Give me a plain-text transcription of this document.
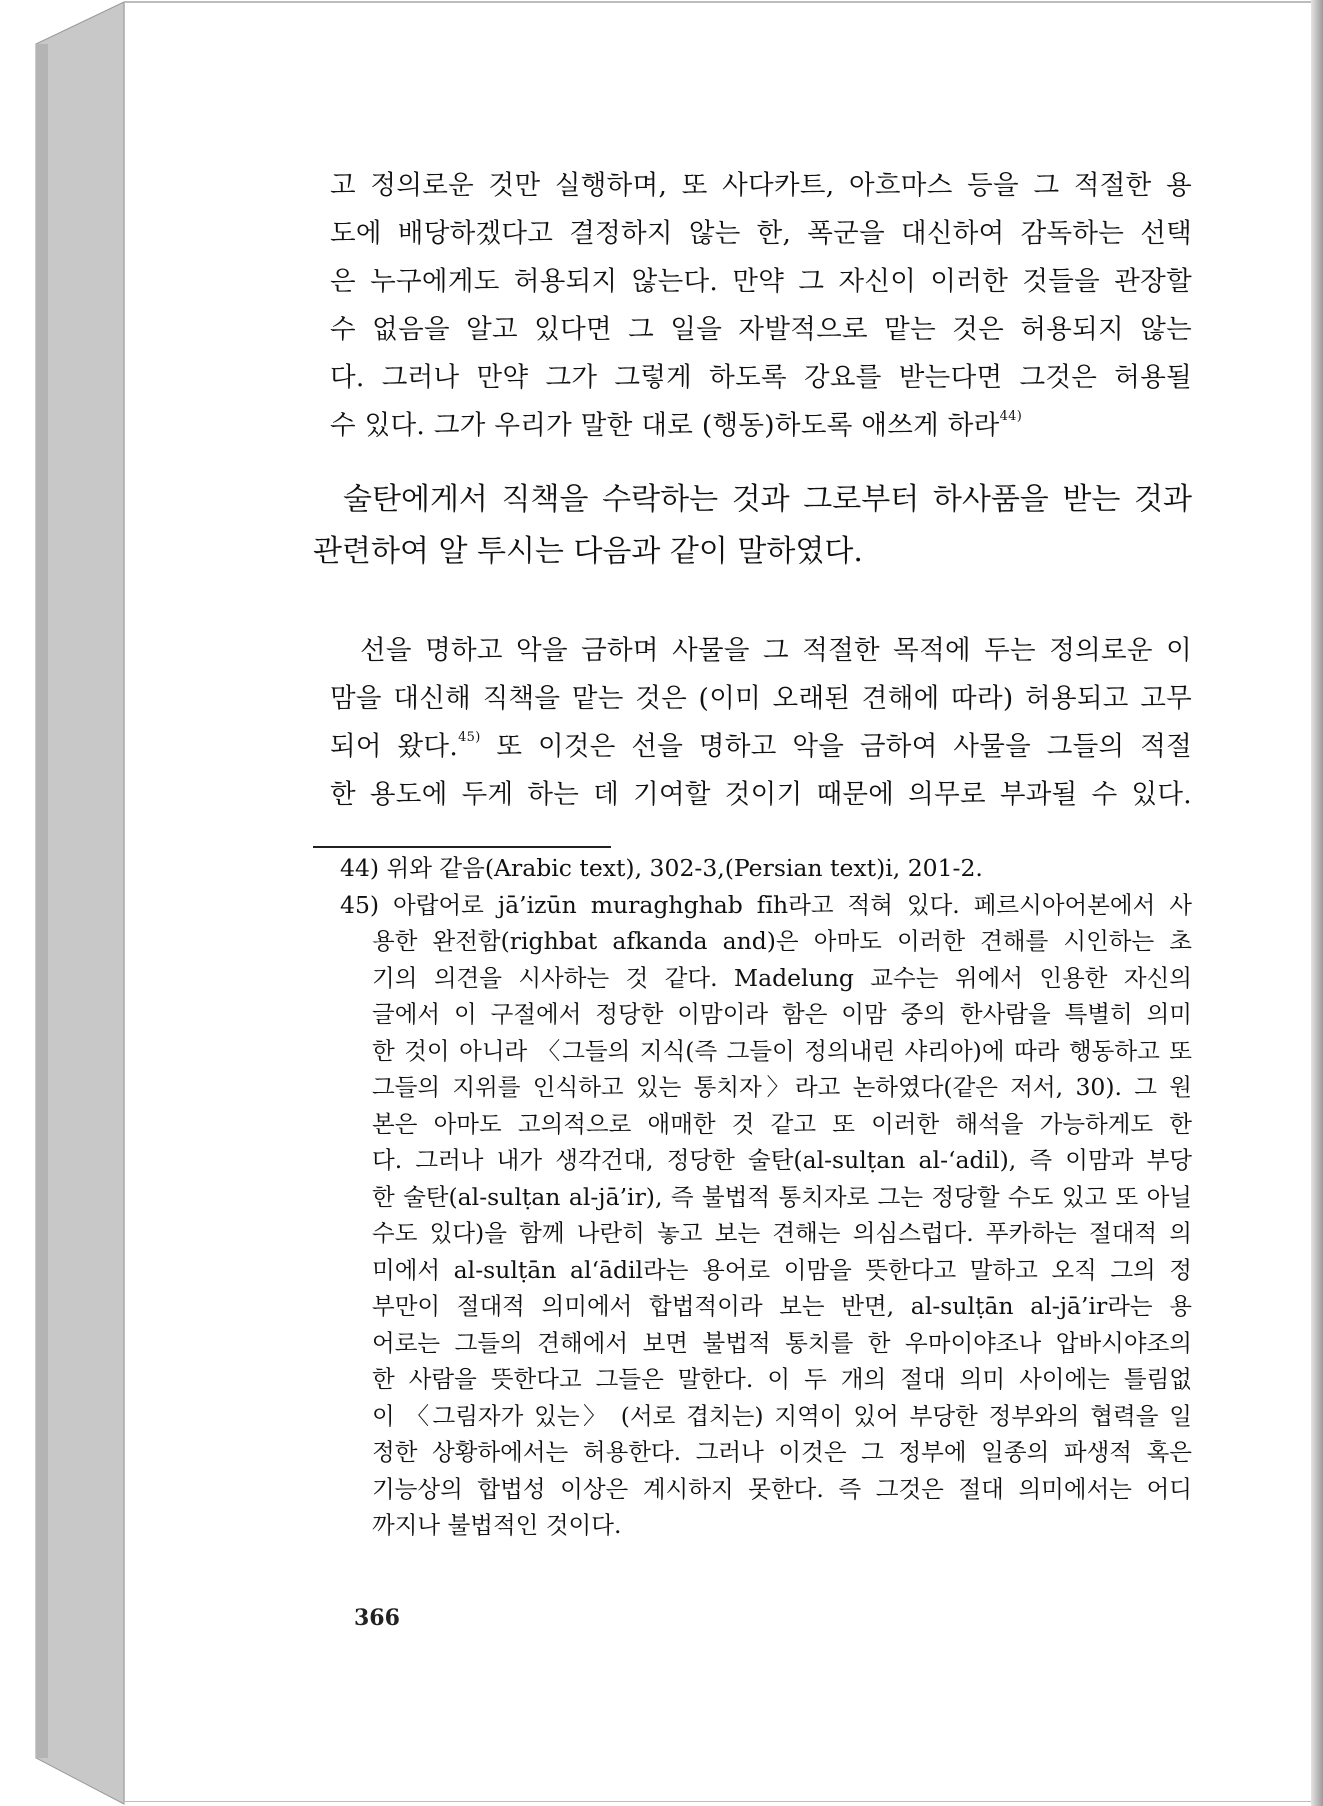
고 정의로운 것만 실행하며, 또 사다카트, 아흐마스 등을 그 적절한 용
도에 배당하겠다고 결정하지 않는 한, 폭군을 대신하여 감독하는 선택
은 누구에게도 허용되지 않는다. 만약 그 자신이 이러한 것들을 관장할
수 없음을 알고 있다면 그 일을 자발적으로 맡는 것은 허용되지 않는
다. 그러나 만약 그가 그렇게 하도록 강요를 받는다면 그것은 허용될
수 있다. 그가 우리가 말한 대로 (행동)하도록 애쓰게 하라$^{44)}$

술탄에게서 직책을 수락하는 것과 그로부터 하사품을 받는 것과
관련하여 알 투시는 다음과 같이 말하였다.

선을 명하고 악을 금하며 사물을 그 적절한 목적에 두는 정의로운 이
맘을 대신해 직책을 맡는 것은 (이미 오래된 견해에 따라) 허용되고 고무
되어 왔다.$^{45)}$ 또 이것은 선을 명하고 악을 금하여 사물을 그들의 적절
한 용도에 두게 하는 데 기여할 것이기 때문에 의무로 부과될 수 있다.

44) 위와 같음(Arabic text), 302-3,(Persian text)i, 201-2.
45) 아랍어로 jā’izūn muraghghab fīh라고 적혀 있다. 페르시아어본에서 사
용한 완전함(righbat afkanda and)은 아마도 이러한 견해를 시인하는 초
기의 의견을 시사하는 것 같다. Madelung 교수는 위에서 인용한 자신의
글에서 이 구절에서 정당한 이맘이라 함은 이맘 중의 한사람을 특별히 의미
한 것이 아니라 〈그들의 지식(즉 그들이 정의내린 샤리아)에 따라 행동하고 또
그들의 지위를 인식하고 있는 통치자〉라고 논하였다(같은 저서, 30). 그 원
본은 아마도 고의적으로 애매한 것 같고 또 이러한 해석을 가능하게도 한
다. 그러나 내가 생각건대, 정당한 술탄(al-sulṭan al-‘adil), 즉 이맘과 부당
한 술탄(al-sulṭan al-jā’ir), 즉 불법적 통치자로 그는 정당할 수도 있고 또 아닐
수도 있다)을 함께 나란히 놓고 보는 견해는 의심스럽다. 푸카하는 절대적 의
미에서 al-sulṭān al‘ādil라는 용어로 이맘을 뜻한다고 말하고 오직 그의 정
부만이 절대적 의미에서 합법적이라 보는 반면, al-sulṭān al-jā’ir라는 용
어로는 그들의 견해에서 보면 불법적 통치를 한 우마이야조나 압바시야조의
한 사람을 뜻한다고 그들은 말한다. 이 두 개의 절대 의미 사이에는 틀림없
이 〈그림자가 있는〉 (서로 겹치는) 지역이 있어 부당한 정부와의 협력을 일
정한 상황하에서는 허용한다. 그러나 이것은 그 정부에 일종의 파생적 혹은
기능상의 합법성 이상은 계시하지 못한다. 즉 그것은 절대 의미에서는 어디
까지나 불법적인 것이다.
366
